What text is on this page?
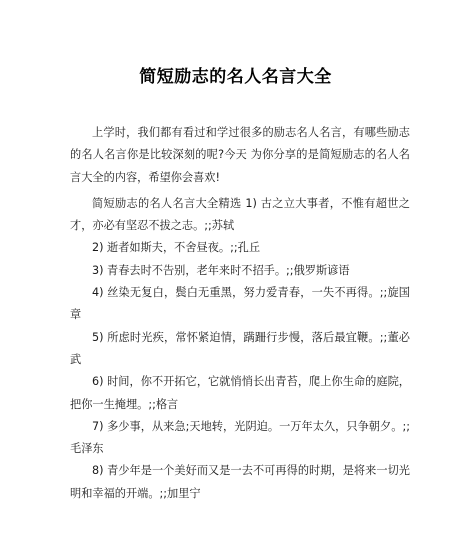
简短励志的名人名言大全

上学时，我们都有看过和学过很多的励志名人名言，有哪些励志的名人名言你是比较深刻的呢?今天 为你分享的是简短励志的名人名言大全的内容，希望你会喜欢!

简短励志的名人名言大全精选 1) 古之立大事者，不惟有超世之才，亦必有坚忍不拔之志。;;苏轼

2) 逝者如斯夫，不舍昼夜。;;孔丘

3) 青春去时不告别，老年来时不招手。;;俄罗斯谚语

4) 丝染无复白，鬓白无重黑，努力爱青春，一失不再得。;;旋国章

5) 所虑时光疾，常怀紧迫情，蹒跚行步慢，落后最宜鞭。;;董必武

6) 时间，你不开拓它，它就悄悄长出青苔，爬上你生命的庭院，把你一生掩埋。;;格言

7) 多少事，从来急;天地转，光阴迫。一万年太久，只争朝夕。;;毛泽东

8) 青少年是一个美好而又是一去不可再得的时期，是将来一切光明和幸福的开端。;;加里宁
